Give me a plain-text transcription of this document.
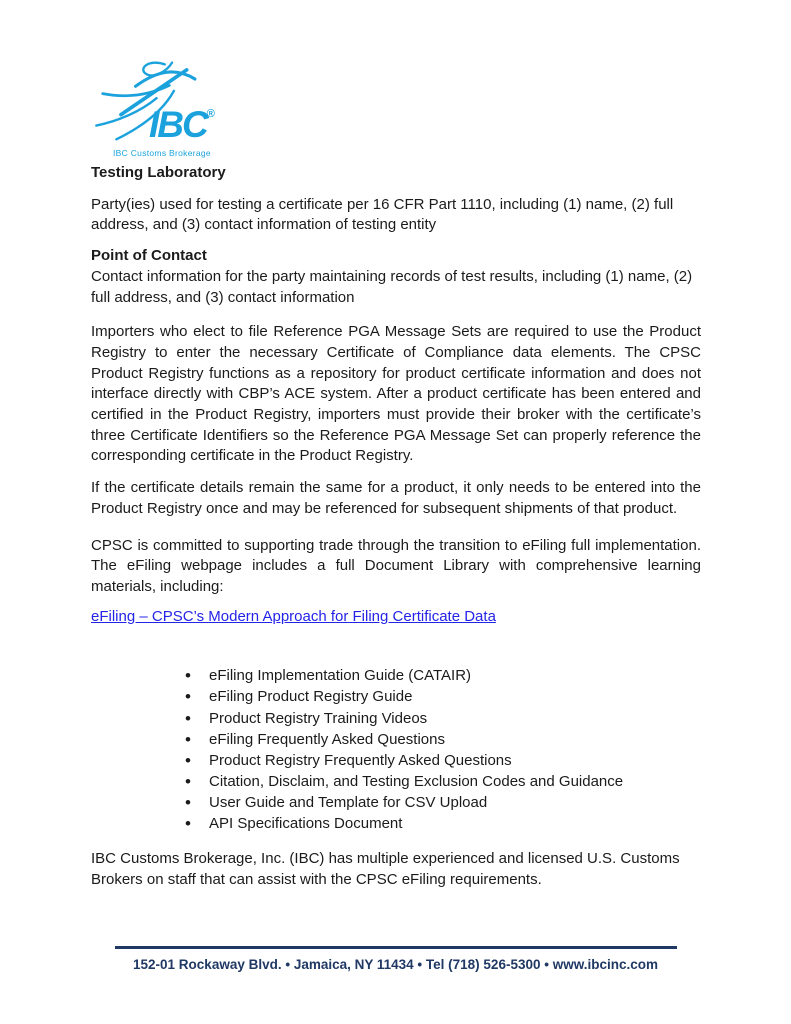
IBC®
IBC Customs Brokerage
Testing Laboratory

Party(ies) used for testing a certificate per 16 CFR Part 1110, including (1) name, (2) full address, and (3) contact information of testing entity

Point of Contact

Contact information for the party maintaining records of test results, including (1) name, (2) full address, and (3) contact information

Importers who elect to file Reference PGA Message Sets are required to use the Product Registry to enter the necessary Certificate of Compliance data elements. The CPSC Product Registry functions as a repository for product certificate information and does not interface directly with CBP’s ACE system. After a product certificate has been entered and certified in the Product Registry, importers must provide their broker with the certificate’s three Certificate Identifiers so the Reference PGA Message Set can properly reference the corresponding certificate in the Product Registry.

If the certificate details remain the same for a product, it only needs to be entered into the Product Registry once and may be referenced for subsequent shipments of that product.

CPSC is committed to supporting trade through the transition to eFiling full implementation. The eFiling webpage includes a full Document Library with comprehensive learning materials, including:

eFiling – CPSC’s Modern Approach for Filing Certificate Data

• eFiling Implementation Guide (CATAIR)
• eFiling Product Registry Guide
• Product Registry Training Videos
• eFiling Frequently Asked Questions
• Product Registry Frequently Asked Questions
• Citation, Disclaim, and Testing Exclusion Codes and Guidance
• User Guide and Template for CSV Upload
• API Specifications Document

IBC Customs Brokerage, Inc. (IBC) has multiple experienced and licensed U.S. Customs Brokers on staff that can assist with the CPSC eFiling requirements.

152-01 Rockaway Blvd. • Jamaica, NY 11434 • Tel (718) 526-5300 • www.ibcinc.com
